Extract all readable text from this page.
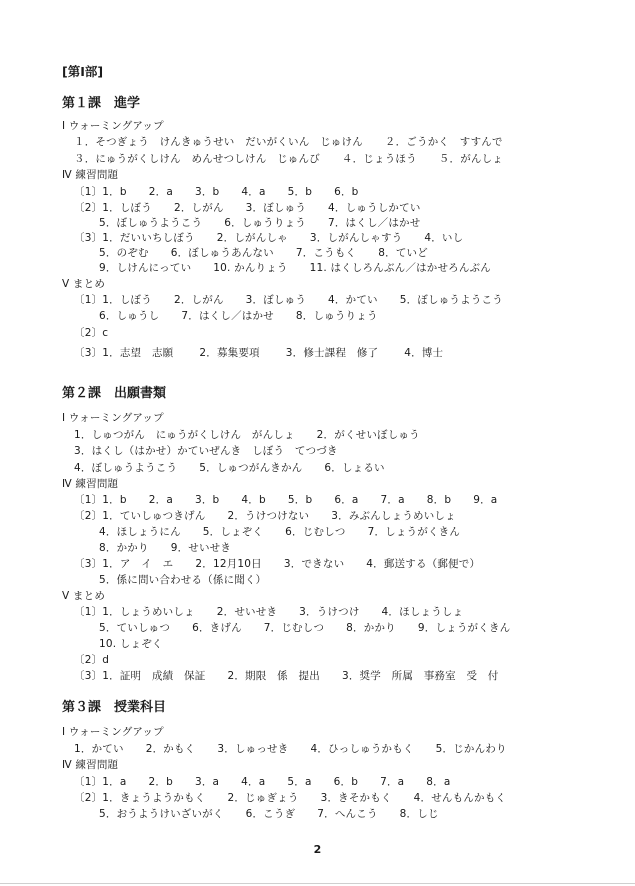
[第Ⅰ部]
2
第１課　進学
Ⅰ ウォーミングアップ
１．そつぎょう　けんきゅうせい　だいがくいん　じゅけん ２．ごうかく　すすんで
３．にゅうがくしけん　めんせつしけん　じゅんび ４．じょうほう ５．がんしょ
Ⅳ 練習問題
〔1〕1．b 2．a 3．b 4．a 5．b 6．b
〔2〕1．しぼう 2．しがん 3．ぼしゅう 4．しゅうしかてい
5．ぼしゅうようこう 6．しゅうりょう 7．はくし／はかせ
〔3〕1．だいいちしぼう 2．しがんしゃ 3．しがんしゃすう 4．いし
5．のぞむ 6．ぼしゅうあんない 7．こうもく 8．ていど
9．しけんにってい 10. かんりょう 11. はくしろんぶん／はかせろんぶん
Ⅴ まとめ
〔1〕1．しぼう 2．しがん 3．ぼしゅう 4．かてい 5．ぼしゅうようこう
6．しゅうし 7．はくし／はかせ 8．しゅうりょう
〔2〕c
〔3〕1．志望　志願 2．募集要項 3．修士課程　修了 4．博士
第２課　出願書類
Ⅰ ウォーミングアップ
1．しゅつがん　にゅうがくしけん　がんしょ 2．がくせいぼしゅう
3．はくし（はかせ）かていぜんき　しぼう　てつづき
4．ぼしゅうようこう 5．しゅつがんきかん 6．しょるい
Ⅳ 練習問題
〔1〕1．b 2．a 3．b 4．b 5．b 6．a 7．a 8．b 9．a
〔2〕1．ていしゅつきげん 2．うけつけない 3．みぶんしょうめいしょ
4．ほしょうにん 5．しょぞく 6．じむしつ 7．しょうがくきん
8．かかり 9．せいせき
〔3〕1．ア　イ　エ 2．12月10日 3．できない 4．郵送する（郵便で）
5．係に問い合わせる（係に聞く）
Ⅴ まとめ
〔1〕1．しょうめいしょ 2．せいせき 3．うけつけ 4．ほしょうしょ
5．ていしゅつ 6．きげん 7．じむしつ 8．かかり 9．しょうがくきん
10. しょぞく
〔2〕d
〔3〕1．証明　成績　保証 2．期限　係　提出 3．奨学　所属　事務室　受　付
第３課　授業科目
Ⅰ ウォーミングアップ
1．かてい 2．かもく 3．しゅっせき 4．ひっしゅうかもく 5．じかんわり
Ⅳ 練習問題
〔1〕1．a 2．b 3．a 4．a 5．a 6．b 7．a 8．a
〔2〕1．きょうようかもく 2．じゅぎょう 3．きそかもく 4．せんもんかもく
5．おうようけいざいがく 6．こうぎ 7．へんこう 8．しじ
